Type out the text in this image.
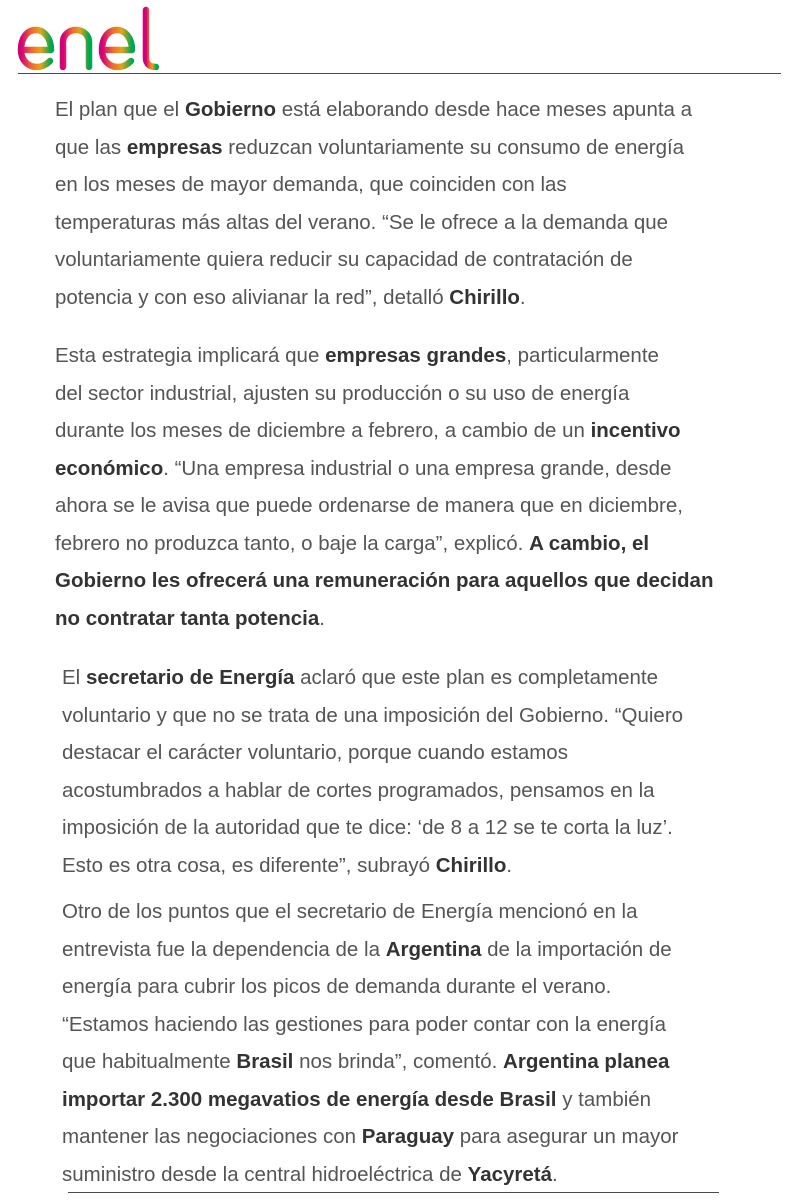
El plan que el Gobierno está elaborando desde hace meses apunta a
que las empresas reduzcan voluntariamente su consumo de energía
en los meses de mayor demanda, que coinciden con las
temperaturas más altas del verano. “Se le ofrece a la demanda que
voluntariamente quiera reducir su capacidad de contratación de
potencia y con eso alivianar la red”, detalló Chirillo.

Esta estrategia implicará que empresas grandes, particularmente
del sector industrial, ajusten su producción o su uso de energía
durante los meses de diciembre a febrero, a cambio de un incentivo
económico. “Una empresa industrial o una empresa grande, desde
ahora se le avisa que puede ordenarse de manera que en diciembre,
febrero no produzca tanto, o baje la carga”, explicó. A cambio, el
Gobierno les ofrecerá una remuneración para aquellos que decidan
no contratar tanta potencia.

El secretario de Energía aclaró que este plan es completamente
voluntario y que no se trata de una imposición del Gobierno. “Quiero
destacar el carácter voluntario, porque cuando estamos
acostumbrados a hablar de cortes programados, pensamos en la
imposición de la autoridad que te dice: ‘de 8 a 12 se te corta la luz’.
Esto es otra cosa, es diferente”, subrayó Chirillo.

Otro de los puntos que el secretario de Energía mencionó en la
entrevista fue la dependencia de la Argentina de la importación de
energía para cubrir los picos de demanda durante el verano.
“Estamos haciendo las gestiones para poder contar con la energía
que habitualmente Brasil nos brinda”, comentó. Argentina planea
importar 2.300 megavatios de energía desde Brasil y también
mantener las negociaciones con Paraguay para asegurar un mayor
suministro desde la central hidroeléctrica de Yacyretá.
